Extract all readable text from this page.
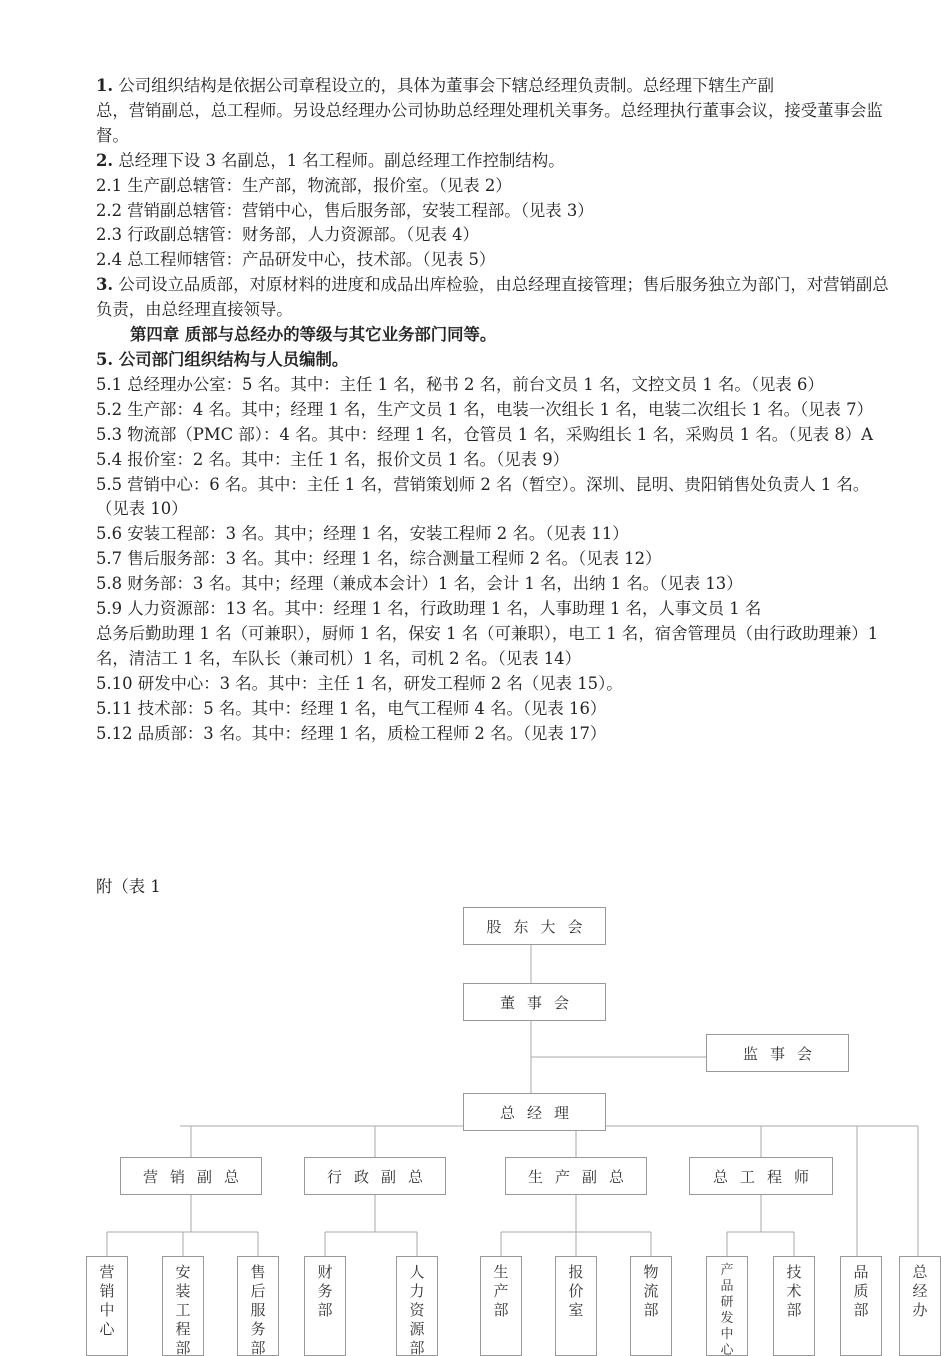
1. 公司组织结构是依据公司章程设立的，具体为董事会下辖总经理负责制。总经理下辖生产副

总，营销副总，总工程师。另设总经理办公司协助总经理处理机关事务。总经理执行董事会议，接受董事会监督。

2. 总经理下设 3 名副总，1 名工程师。副总经理工作控制结构。

2.1 生产副总辖管：生产部，物流部，报价室。（见表 2）

2.2 营销副总辖管：营销中心，售后服务部，安装工程部。（见表 3）

2.3 行政副总辖管：财务部，人力资源部。（见表 4）

2.4 总工程师辖管：产品研发中心，技术部。（见表 5）

3. 公司设立品质部，对原材料的进度和成品出库检验，由总经理直接管理；售后服务独立为部门，对营销副总负责，由总经理直接领导。

第四章 质部与总经办的等级与其它业务部门同等。

5. 公司部门组织结构与人员编制。

5.1 总经理办公室：5 名。其中：主任 1 名，秘书 2 名，前台文员 1 名，文控文员 1 名。（见表 6）

5.2 生产部：4 名。其中；经理 1 名，生产文员 1 名，电装一次组长 1 名，电装二次组长 1 名。（见表 7）

5.3 物流部（PMC 部）：4 名。其中：经理 1 名，仓管员 1 名，采购组长 1 名，采购员 1 名。（见表 8）A

5.4 报价室：2 名。其中：主任 1 名，报价文员 1 名。（见表 9）

5.5 营销中心：6 名。其中：主任 1 名，营销策划师 2 名（暂空）。深圳、昆明、贵阳销售处负责人 1 名。（见表 10）

5.6 安装工程部：3 名。其中；经理 1 名，安装工程师 2 名。（见表 11）

5.7 售后服务部：3 名。其中：经理 1 名，综合测量工程师 2 名。（见表 12）

5.8 财务部：3 名。其中；经理（兼成本会计）1 名，会计 1 名，出纳 1 名。（见表 13）

5.9 人力资源部：13 名。其中：经理 1 名，行政助理 1 名，人事助理 1 名，人事文员 1 名

总务后勤助理 1 名（可兼职），厨师 1 名，保安 1 名（可兼职），电工 1 名，宿舍管理员（由行政助理兼）1 名，清洁工 1 名，车队长（兼司机）1 名，司机 2 名。（见表 14）

5.10 研发中心：3 名。其中：主任 1 名，研发工程师 2 名（见表 15）。

5.11 技术部：5 名。其中：经理 1 名，电气工程师 4 名。（见表 16）

5.12 品质部：3 名。其中：经理 1 名，质检工程师 2 名。（见表 17）

附（表 1
股东大会
董事会
监事会
总经理
营销副总	行政副总	生产副总	总工程师
营
销
中
心
安
装
工
程
部
售
后
服
务
部
财
务
部
人
力
资
源
部
生
产
部
报
价
室
物
流
部
产
品
研
发
中
心
技
术
部
品
质
部
总
经
办
